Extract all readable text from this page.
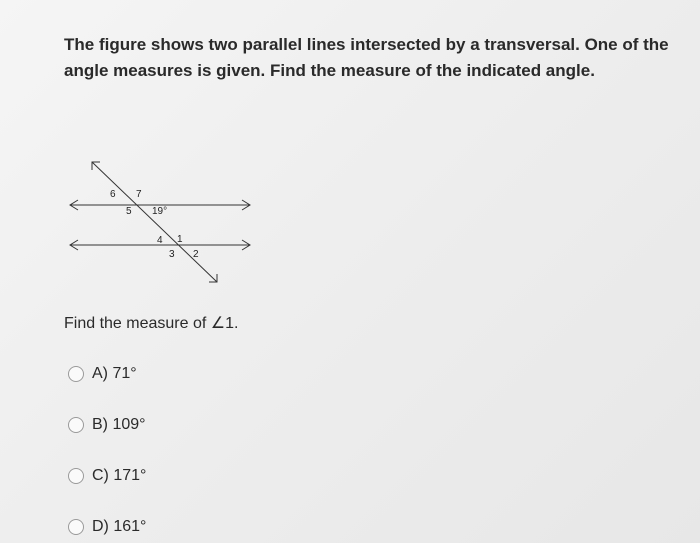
The figure shows two parallel lines intersected by a transversal. One of the angle measures is given. Find the measure of the indicated angle.
6 7
5 19°
4 1
3 2
Find the measure of ∠1.
A) 71°
B) 109°
C) 171°
D) 161°
